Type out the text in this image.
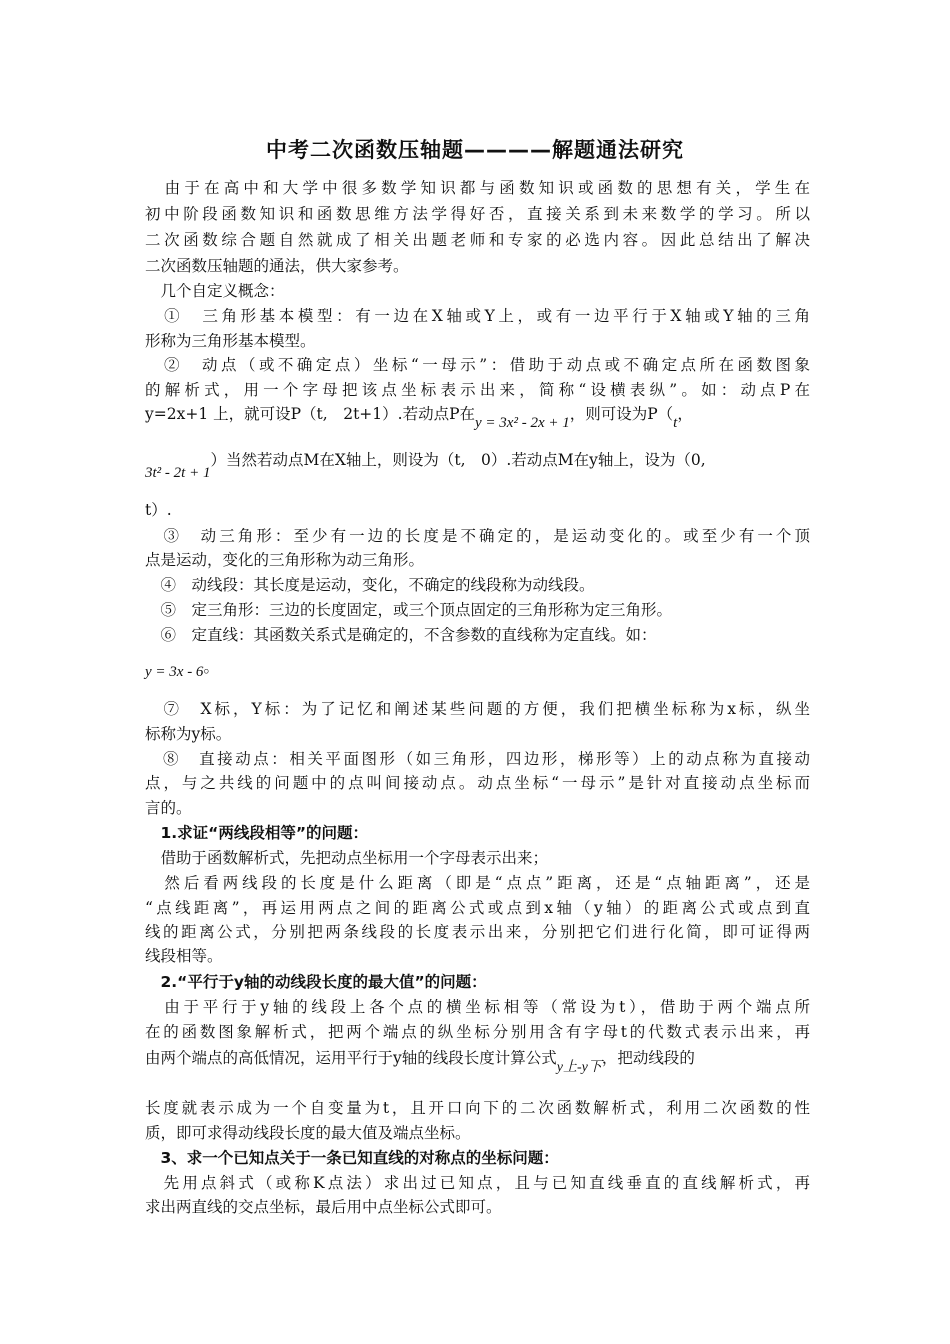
中考二次函数压轴题————解题通法研究
　由于在高中和大学中很多数学知识都与函数知识或函数的思想有关，学生在
初中阶段函数知识和函数思维方法学得好否，直接关系到未来数学的学习。所以
二次函数综合题自然就成了相关出题老师和专家的必选内容。因此总结出了解决
二次函数压轴题的通法，供大家参考。
　几个自定义概念：
　①　三角形基本模型：有一边在X轴或Y上，或有一边平行于X轴或Y轴的三角
形称为三角形基本模型。
　②　动点（或不确定点）坐标“一母示”：借助于动点或不确定点所在函数图象
的解析式，用一个字母把该点坐标表示出来，简称“设横表纵”。如：动点P在
y=2x+1 上，就可设P（t,　2t+1）.若动点P在y = 3x² - 2x + 1，则可设为P（t，
3t² - 2t + 1）当然若动点M在X轴上，则设为（t,　0）.若动点M在y轴上，设为（0,
t）.
　③　动三角形：至少有一边的长度是不确定的，是运动变化的。或至少有一个顶
点是运动，变化的三角形称为动三角形。
　④　动线段：其长度是运动，变化，不确定的线段称为动线段。
　⑤　定三角形：三边的长度固定，或三个顶点固定的三角形称为定三角形。
　⑥　定直线：其函数关系式是确定的，不含参数的直线称为定直线。如：
y = 3x - 6。
　⑦　X标，Y标：为了记忆和阐述某些问题的方便，我们把横坐标称为x标，纵坐
标称为y标。
　⑧　直接动点：相关平面图形（如三角形，四边形，梯形等）上的动点称为直接动
点，与之共线的问题中的点叫间接动点。动点坐标“一母示”是针对直接动点坐标而
言的。
　1.求证“两线段相等”的问题：
　借助于函数解析式，先把动点坐标用一个字母表示出来；
　然后看两线段的长度是什么距离（即是“点点”距离，还是“点轴距离”，还是
“点线距离”，再运用两点之间的距离公式或点到x轴（y轴）的距离公式或点到直
线的距离公式，分别把两条线段的长度表示出来，分别把它们进行化简，即可证得两
线段相等。
　2.“平行于y轴的动线段长度的最大值”的问题：
　由于平行于y轴的线段上各个点的横坐标相等（常设为t），借助于两个端点所
在的函数图象解析式，把两个端点的纵坐标分别用含有字母t的代数式表示出来，再
由两个端点的高低情况，运用平行于y轴的线段长度计算公式y上-y下，把动线段的
长度就表示成为一个自变量为t，且开口向下的二次函数解析式，利用二次函数的性
质，即可求得动线段长度的最大值及端点坐标。
　3、求一个已知点关于一条已知直线的对称点的坐标问题：
　先用点斜式（或称K点法）求出过已知点，且与已知直线垂直的直线解析式，再
求出两直线的交点坐标，最后用中点坐标公式即可。
